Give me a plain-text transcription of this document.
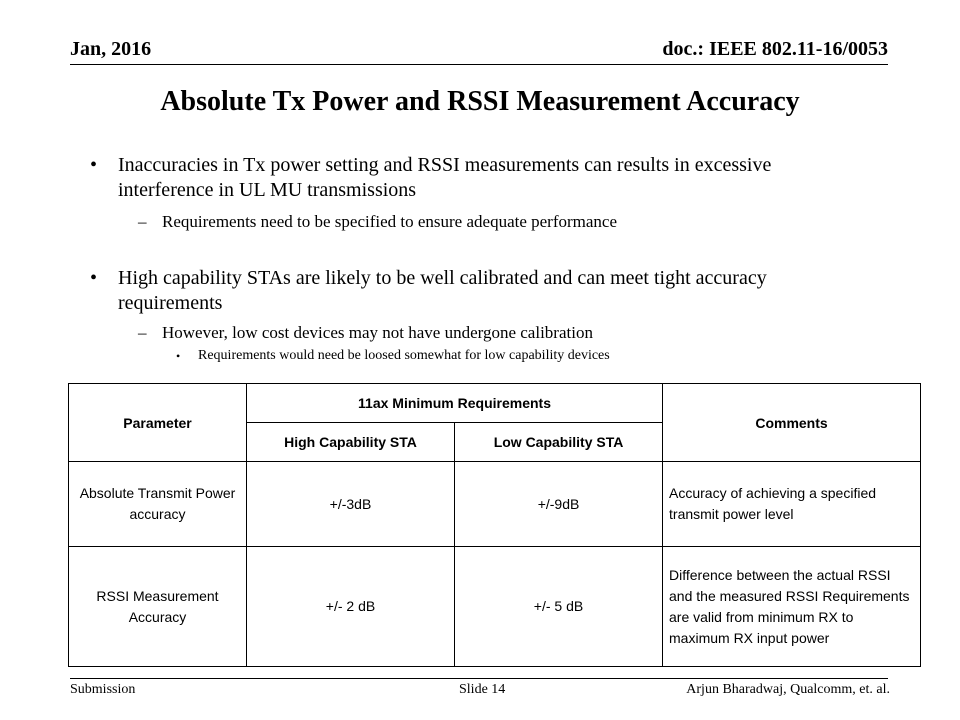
Jan, 2016	doc.: IEEE 802.11-16/0053
Absolute Tx Power and RSSI Measurement Accuracy
• Inaccuracies in Tx power setting and RSSI measurements can results in excessive interference in UL MU transmissions
– Requirements need to be specified to ensure adequate performance
• High capability STAs are likely to be well calibrated and can meet tight accuracy requirements
– However, low cost devices may not have undergone calibration
• Requirements would need be loosed somewhat for low capability devices
Parameter	11ax Minimum Requirements		Comments
	High Capability STA	Low Capability STA	
Absolute Transmit Power accuracy	+/-3dB	+/-9dB	Accuracy of achieving a specified transmit power level
RSSI Measurement Accuracy	+/- 2 dB	+/- 5 dB	Difference between the actual RSSI and the measured RSSI Requirements are valid from minimum RX to maximum RX input power
Submission	Slide 14	Arjun Bharadwaj, Qualcomm, et. al.
